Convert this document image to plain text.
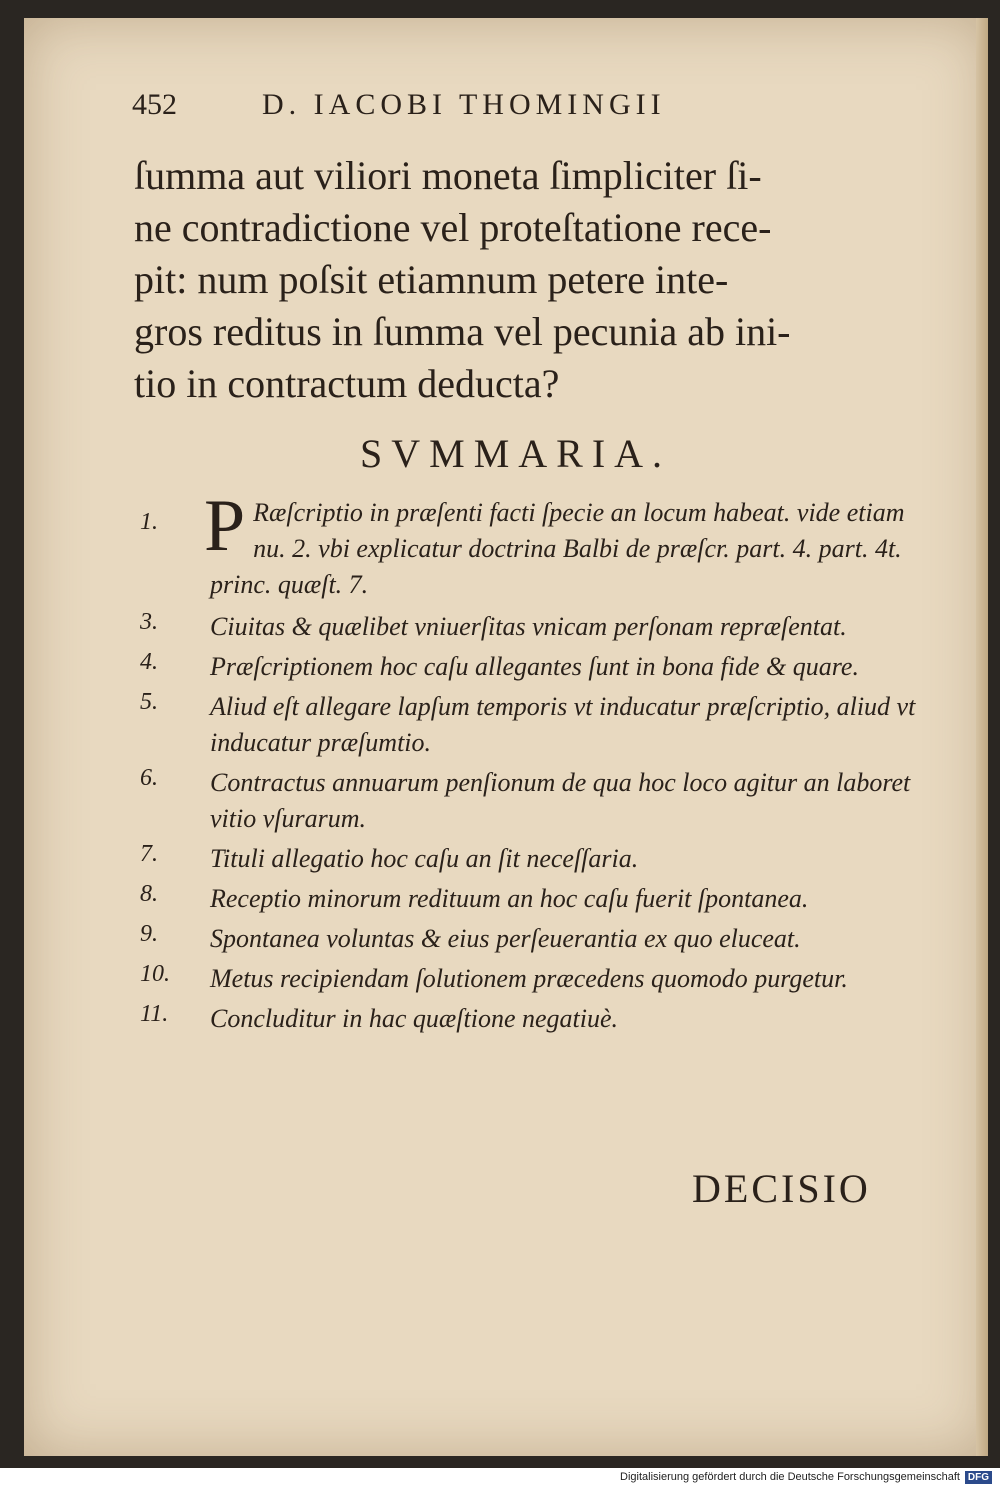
452	D. IACOBI THOMINGII
ſumma aut viliori moneta ſimpliciter ſi-
ne contradictione vel proteſtatione rece-
pit: num poſsit etiamnum petere inte-
gros reditus in ſumma vel pecunia ab ini-
tio in contractum deducta?
SVMMARIA.
1. P Ræſcriptio in præſenti facti ſpecie an locum habeat. vide etiam nu. 2. vbi explicatur doctrina Balbi de præſcr. part. 4. part. 4t. princ. quæſt. 7.
3. Ciuitas & quælibet vniuerſitas vnicam perſonam repræſentat.
4. Præſcriptionem hoc caſu allegantes ſunt in bona fide & quare.
5. Aliud eſt allegare lapſum temporis vt inducatur præſcriptio, aliud vt inducatur præſumtio.
6. Contractus annuarum penſionum de qua hoc loco agitur an laboret vitio vſurarum.
7. Tituli allegatio hoc caſu an ſit neceſſaria.
8. Receptio minorum redituum an hoc caſu fuerit ſpontanea.
9. Spontanea voluntas & eius perſeuerantia ex quo eluceat.
10. Metus recipiendam ſolutionem præcedens quomodo purgetur.
11. Concluditur in hac quæſtione negatiuè.
DECISIO
Digitalisierung gefördert durch die Deutsche Forschungsgemeinschaft DFG
